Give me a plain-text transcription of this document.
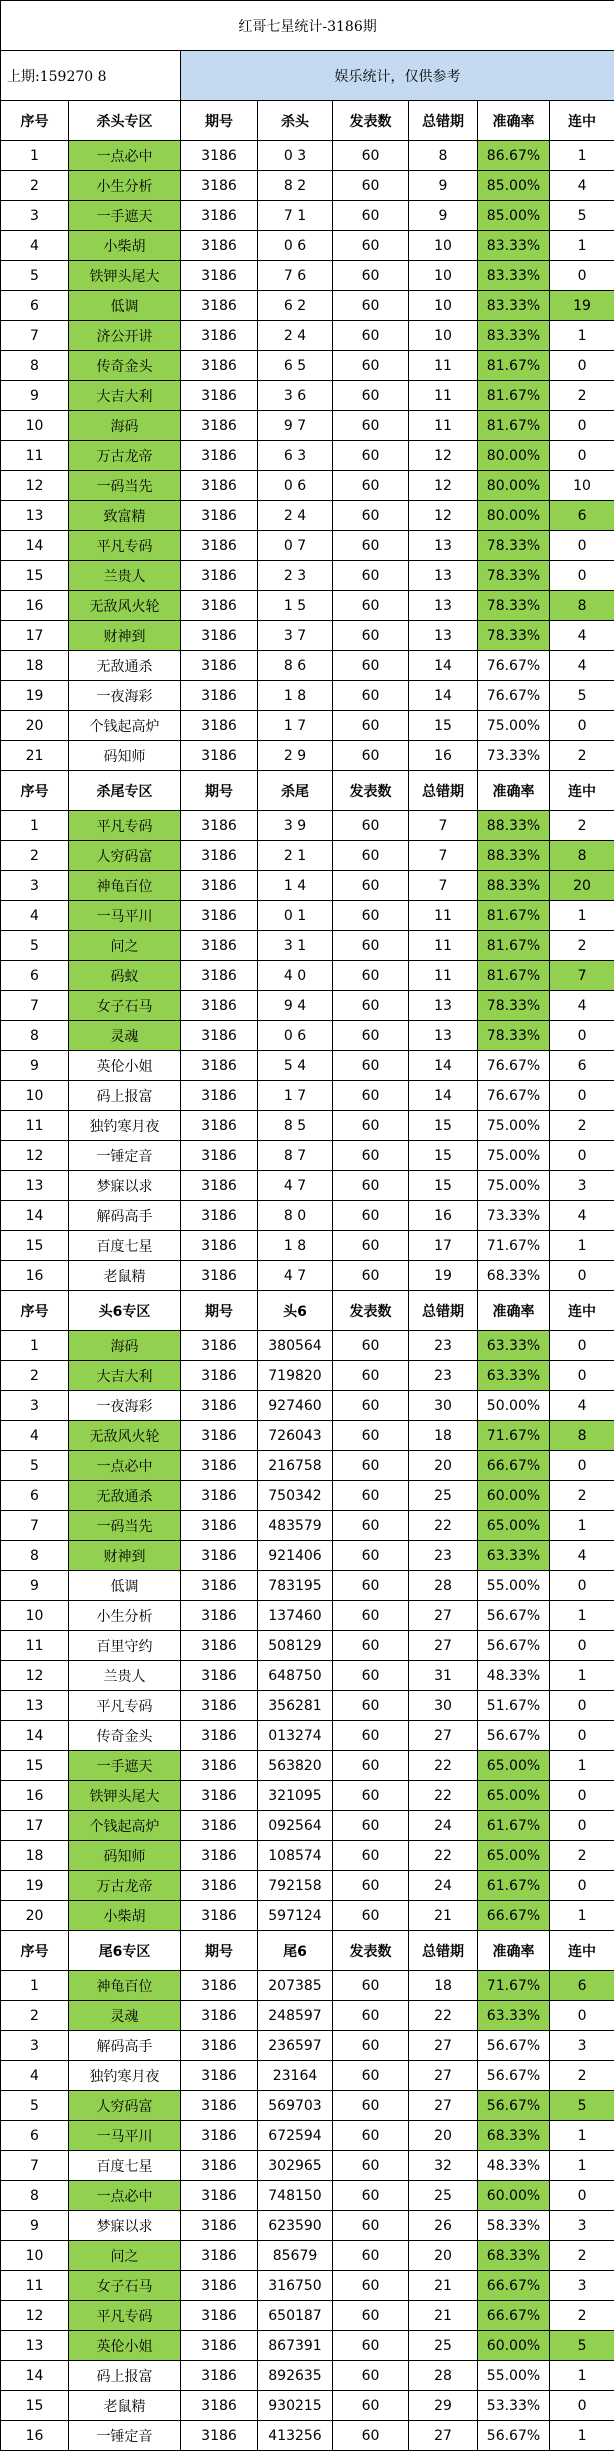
红哥七星统计-3186期							
上期:159270 8		娱乐统计，仅供参考					
序号	杀头专区	期号	杀头	发表数	总错期	准确率	连中
1	一点必中	3186	0 3	60	8	86.67%	1
2	小生分析	3186	8 2	60	9	85.00%	4
3	一手遮天	3186	7 1	60	9	85.00%	5
4	小柴胡	3186	0 6	60	10	83.33%	1
5	铁钾头尾大	3186	7 6	60	10	83.33%	0
6	低调	3186	6 2	60	10	83.33%	19
7	济公开讲	3186	2 4	60	10	83.33%	1
8	传奇金头	3186	6 5	60	11	81.67%	0
9	大吉大利	3186	3 6	60	11	81.67%	2
10	海码	3186	9 7	60	11	81.67%	0
11	万古龙帝	3186	6 3	60	12	80.00%	0
12	一码当先	3186	0 6	60	12	80.00%	10
13	致富精	3186	2 4	60	12	80.00%	6
14	平凡专码	3186	0 7	60	13	78.33%	0
15	兰贵人	3186	2 3	60	13	78.33%	0
16	无敌风火轮	3186	1 5	60	13	78.33%	8
17	财神到	3186	3 7	60	13	78.33%	4
18	无敌通杀	3186	8 6	60	14	76.67%	4
19	一夜海彩	3186	1 8	60	14	76.67%	5
20	个钱起高炉	3186	1 7	60	15	75.00%	0
21	码知师	3186	2 9	60	16	73.33%	2
序号	杀尾专区	期号	杀尾	发表数	总错期	准确率	连中
1	平凡专码	3186	3 9	60	7	88.33%	2
2	人穷码富	3186	2 1	60	7	88.33%	8
3	神龟百位	3186	1 4	60	7	88.33%	20
4	一马平川	3186	0 1	60	11	81.67%	1
5	问之	3186	3 1	60	11	81.67%	2
6	码蚁	3186	4 0	60	11	81.67%	7
7	女子石马	3186	9 4	60	13	78.33%	4
8	灵魂	3186	0 6	60	13	78.33%	0
9	英伦小姐	3186	5 4	60	14	76.67%	6
10	码上报富	3186	1 7	60	14	76.67%	0
11	独钓寒月夜	3186	8 5	60	15	75.00%	2
12	一锤定音	3186	8 7	60	15	75.00%	0
13	梦寐以求	3186	4 7	60	15	75.00%	3
14	解码高手	3186	8 0	60	16	73.33%	4
15	百度七星	3186	1 8	60	17	71.67%	1
16	老鼠精	3186	4 7	60	19	68.33%	0
序号	头6专区	期号	头6	发表数	总错期	准确率	连中
1	海码	3186	380564	60	23	63.33%	0
2	大吉大利	3186	719820	60	23	63.33%	0
3	一夜海彩	3186	927460	60	30	50.00%	4
4	无敌风火轮	3186	726043	60	18	71.67%	8
5	一点必中	3186	216758	60	20	66.67%	0
6	无敌通杀	3186	750342	60	25	60.00%	2
7	一码当先	3186	483579	60	22	65.00%	1
8	财神到	3186	921406	60	23	63.33%	4
9	低调	3186	783195	60	28	55.00%	0
10	小生分析	3186	137460	60	27	56.67%	1
11	百里守约	3186	508129	60	27	56.67%	0
12	兰贵人	3186	648750	60	31	48.33%	1
13	平凡专码	3186	356281	60	30	51.67%	0
14	传奇金头	3186	013274	60	27	56.67%	0
15	一手遮天	3186	563820	60	22	65.00%	1
16	铁钾头尾大	3186	321095	60	22	65.00%	0
17	个钱起高炉	3186	092564	60	24	61.67%	0
18	码知师	3186	108574	60	22	65.00%	2
19	万古龙帝	3186	792158	60	24	61.67%	0
20	小柴胡	3186	597124	60	21	66.67%	1
序号	尾6专区	期号	尾6	发表数	总错期	准确率	连中
1	神龟百位	3186	207385	60	18	71.67%	6
2	灵魂	3186	248597	60	22	63.33%	0
3	解码高手	3186	236597	60	27	56.67%	3
4	独钓寒月夜	3186	23164	60	27	56.67%	2
5	人穷码富	3186	569703	60	27	56.67%	5
6	一马平川	3186	672594	60	20	68.33%	1
7	百度七星	3186	302965	60	32	48.33%	1
8	一点必中	3186	748150	60	25	60.00%	0
9	梦寐以求	3186	623590	60	26	58.33%	3
10	问之	3186	85679	60	20	68.33%	2
11	女子石马	3186	316750	60	21	66.67%	3
12	平凡专码	3186	650187	60	21	66.67%	2
13	英伦小姐	3186	867391	60	25	60.00%	5
14	码上报富	3186	892635	60	28	55.00%	1
15	老鼠精	3186	930215	60	29	53.33%	0
16	一锤定音	3186	413256	60	27	56.67%	1
